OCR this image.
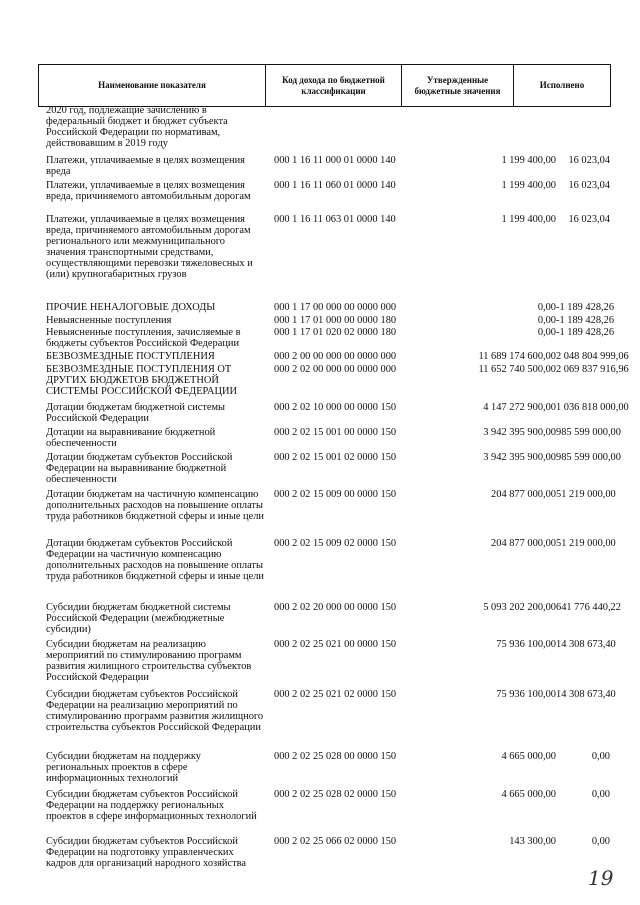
Наименование показателя	Код дохода по бюджетной классификации	Утвержденные бюджетные значения	Исполнено
2020 год, подлежащие зачислению в федеральный бюджет и бюджет субъекта Российской Федерации по нормативам, действовавшим в 2019 году
Платежи, уплачиваемые в целях возмещения вреда
000 1 16 11 000 01 0000 140	1 199 400,00	16 023,04
Платежи, уплачиваемые в целях возмещения вреда, причиняемого автомобильным дорогам
000 1 16 11 060 01 0000 140	1 199 400,00	16 023,04
Платежи, уплачиваемые в целях возмещения вреда, причиняемого автомобильным дорогам регионального или межмуниципального значения транспортными средствами, осуществляющими перевозки тяжеловесных и (или) крупногабаритных грузов
000 1 16 11 063 01 0000 140	1 199 400,00	16 023,04
ПРОЧИЕ НЕНАЛОГОВЫЕ ДОХОДЫ	000 1 17 00 000 00 0000 000	0,00 -1 189 428,26
Невыясненные поступления	000 1 17 01 000 00 0000 180	0,00 -1 189 428,26
Невыясненные поступления, зачисляемые в бюджеты субъектов Российской Федерации
000 1 17 01 020 02 0000 180	0,00 -1 189 428,26
БЕЗВОЗМЕЗДНЫЕ ПОСТУПЛЕНИЯ	000 2 00 00 000 00 0000 000	11 689 174 600,00 2 048 804 999,06
БЕЗВОЗМЕЗДНЫЕ ПОСТУПЛЕНИЯ ОТ ДРУГИХ БЮДЖЕТОВ БЮДЖЕТНОЙ СИСТЕМЫ РОССИЙСКОЙ ФЕДЕРАЦИИ
000 2 02 00 000 00 0000 000	11 652 740 500,00 2 069 837 916,96
Дотации бюджетам бюджетной системы Российской Федерации
000 2 02 10 000 00 0000 150	4 147 272 900,00 1 036 818 000,00
Дотации на выравнивание бюджетной обеспеченности
000 2 02 15 001 00 0000 150	3 942 395 900,00 985 599 000,00
Дотации бюджетам субъектов Российской Федерации на выравнивание бюджетной обеспеченности
000 2 02 15 001 02 0000 150	3 942 395 900,00 985 599 000,00
Дотации бюджетам на частичную компенсацию дополнительных расходов на повышение оплаты труда работников бюджетной сферы и иные цели
000 2 02 15 009 00 0000 150	204 877 000,00 51 219 000,00
Дотации бюджетам субъектов Российской Федерации на частичную компенсацию дополнительных расходов на повышение оплаты труда работников бюджетной сферы и иные цели
000 2 02 15 009 02 0000 150	204 877 000,00 51 219 000,00
Субсидии бюджетам бюджетной системы Российской Федерации (межбюджетные субсидии)
000 2 02 20 000 00 0000 150	5 093 202 200,00 641 776 440,22
Субсидии бюджетам на реализацию мероприятий по стимулированию программ развития жилищного строительства субъектов Российской Федерации
000 2 02 25 021 00 0000 150	75 936 100,00 14 308 673,40
Субсидии бюджетам субъектов Российской Федерации на реализацию мероприятий по стимулированию программ развития жилищного строительства субъектов Российской Федерации
000 2 02 25 021 02 0000 150	75 936 100,00 14 308 673,40
Субсидии бюджетам на поддержку региональных проектов в сфере информационных технологий
000 2 02 25 028 00 0000 150	4 665 000,00	0,00
Субсидии бюджетам субъектов Российской Федерации на поддержку региональных проектов в сфере информационных технологий
000 2 02 25 028 02 0000 150	4 665 000,00	0,00
Субсидии бюджетам субъектов Российской Федерации на подготовку управленческих кадров для организаций народного хозяйства
000 2 02 25 066 02 0000 150	143 300,00	0,00
19
